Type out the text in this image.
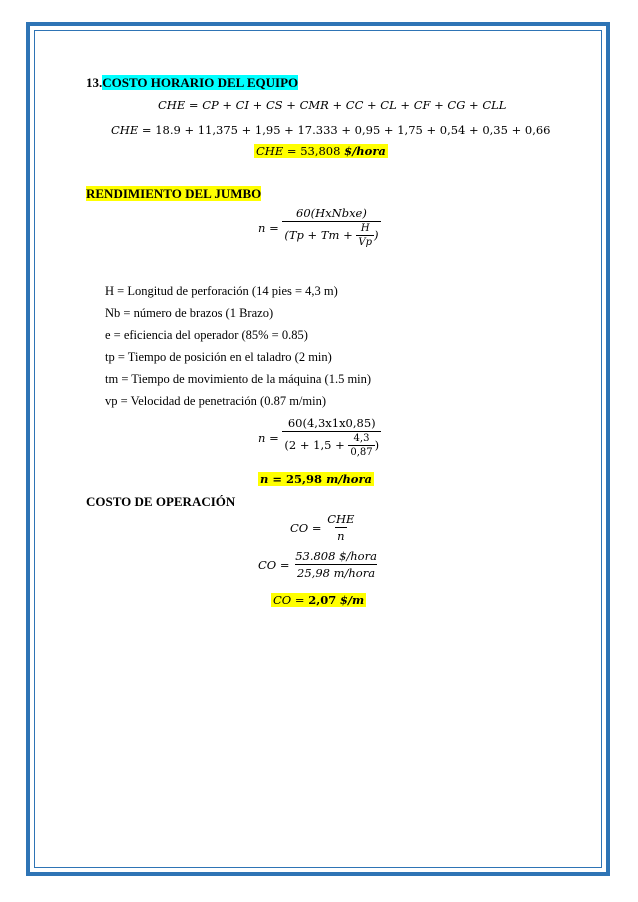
13.COSTO HORARIO DEL EQUIPO
CHE = CP + CI + CS + CMR + CC + CL + CF + CG + CLL
CHE = 18.9 + 11,375 + 1,95 + 17.333 + 0,95 + 1,75 + 0,54 + 0,35 + 0,66
CHE = 53,808 $/hora
RENDIMIENTO DEL JUMBO
n
=
$\frac{\text{60(HxNbxe)}}{(Tp + Tm + \frac{H}{Vp} )}$
H = Longitud de perforación (14 pies = 4,3 m)
Nb = número de brazos (1 Brazo)
e = eficiencia del operador (85% = 0.85)
tp = Tiempo de posición en el taladro (2 min)
tm = Tiempo de movimiento de la máquina (1.5 min)
vp = Velocidad de penetración (0.87 m/min)
n
=
$\frac{60(4,3x1x0,85)}{(2 + 1,5 + \frac{4,3}{0,87} )}$
n = 25,98 m/hora
COSTO DE OPERACIÓN
CO
=
$\frac{\text{CHE}}{n}$
CO
=
$\frac{\text{53.808 \$/hora}}{\text{25,98 m/hora}}$
CO = 2,07 $/m
